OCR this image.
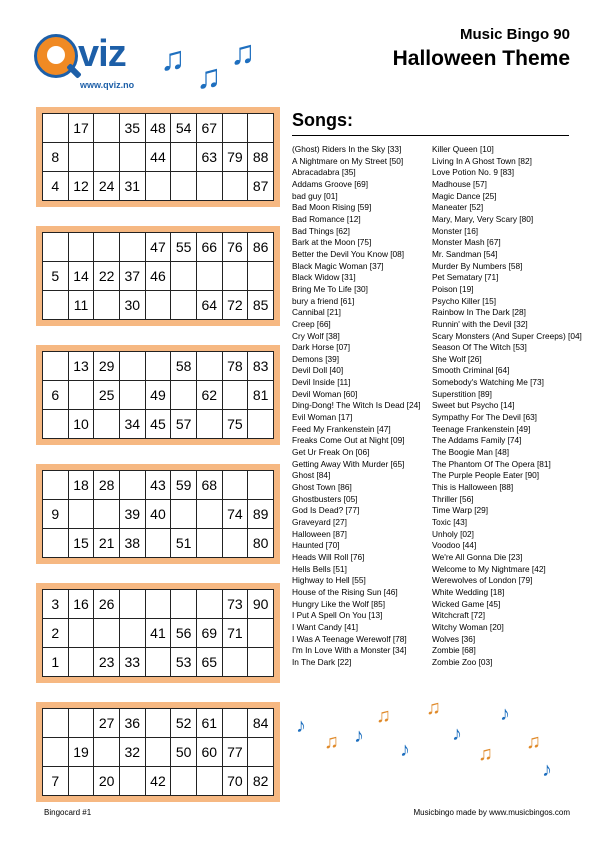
viz
www.qviz.no
♫ ♫
♫	Music Bingo 90
Halloween Theme
	17		35	48	54	67		
8				44		63	79	88
4	12	24	31					87
				47	55	66	76	86
5	14	22	37	46				
	11		30			64	72	85
	13	29			58		78	83
6		25		49		62		81
	10		34	45	57		75	
	18	28		43	59	68		
9			39	40			74	89
	15	21	38		51			80
3	16	26					73	90
2				41	56	69	71	
1		23	33		53	65		
		27	36		52	61		84
	19		32		50	60	77	
7		20		42			70	82
Songs:
(Ghost) Riders In the Sky [33]
A Nightmare on My Street [50]
Abracadabra [35]
Addams Groove [69]
bad guy [01]
Bad Moon Rising [59]
Bad Romance [12]
Bad Things [62]
Bark at the Moon [75]
Better the Devil You Know [08]
Black Magic Woman [37]
Black Widow [31]
Bring Me To Life [30]
bury a friend [61]
Cannibal [21]
Creep [66]
Cry Wolf [38]
Dark Horse [07]
Demons [39]
Devil Doll [40]
Devil Inside [11]
Devil Woman [60]
Ding-Dong! The Witch Is Dead [24]
Evil Woman [17]
Feed My Frankenstein [47]
Freaks Come Out at Night [09]
Get Ur Freak On [06]
Getting Away With Murder [65]
Ghost [84]
Ghost Town [86]
Ghostbusters [05]
God Is Dead? [77]
Graveyard [27]
Halloween [87]
Haunted [70]
Heads Will Roll [76]
Hells Bells [51]
Highway to Hell [55]
House of the Rising Sun [46]
Hungry Like the Wolf [85]
I Put A Spell On You [13]
I Want Candy [41]
I Was A Teenage Werewolf [78]
I'm In Love With a Monster [34]
In The Dark [22]
Killer Queen [10]
Living In A Ghost Town [82]
Love Potion No. 9 [83]
Madhouse [57]
Magic Dance [25]
Maneater [52]
Mary, Mary, Very Scary [80]
Monster [16]
Monster Mash [67]
Mr. Sandman [54]
Murder By Numbers [58]
Pet Sematary [71]
Poison [19]
Psycho Killer [15]
Rainbow In The Dark [28]
Runnin' with the Devil [32]
Scary Monsters (And Super Creeps) [04]
Season Of The Witch [53]
She Wolf [26]
Smooth Criminal [64]
Somebody's Watching Me [73]
Superstition [89]
Sweet but Psycho [14]
Sympathy For The Devil [63]
Teenage Frankenstein [49]
The Addams Family [74]
The Boogie Man [48]
The Phantom Of The Opera [81]
The Purple People Eater [90]
This is Halloween [88]
Thriller [56]
Time Warp [29]
Toxic [43]
Unholy [02]
Voodoo [44]
We're All Gonna Die [23]
Welcome to My Nightmare [42]
Werewolves of London [79]
White Wedding [18]
Wicked Game [45]
Witchcraft [72]
Witchy Woman [20]
Wolves [36]
Zombie [68]
Zombie Zoo [03]
♪
♫ ♪
♫
♪
♫
♪
♫
♪
♫
♪
Bingocard #1	Musicbingo made by www.musicbingos.com
